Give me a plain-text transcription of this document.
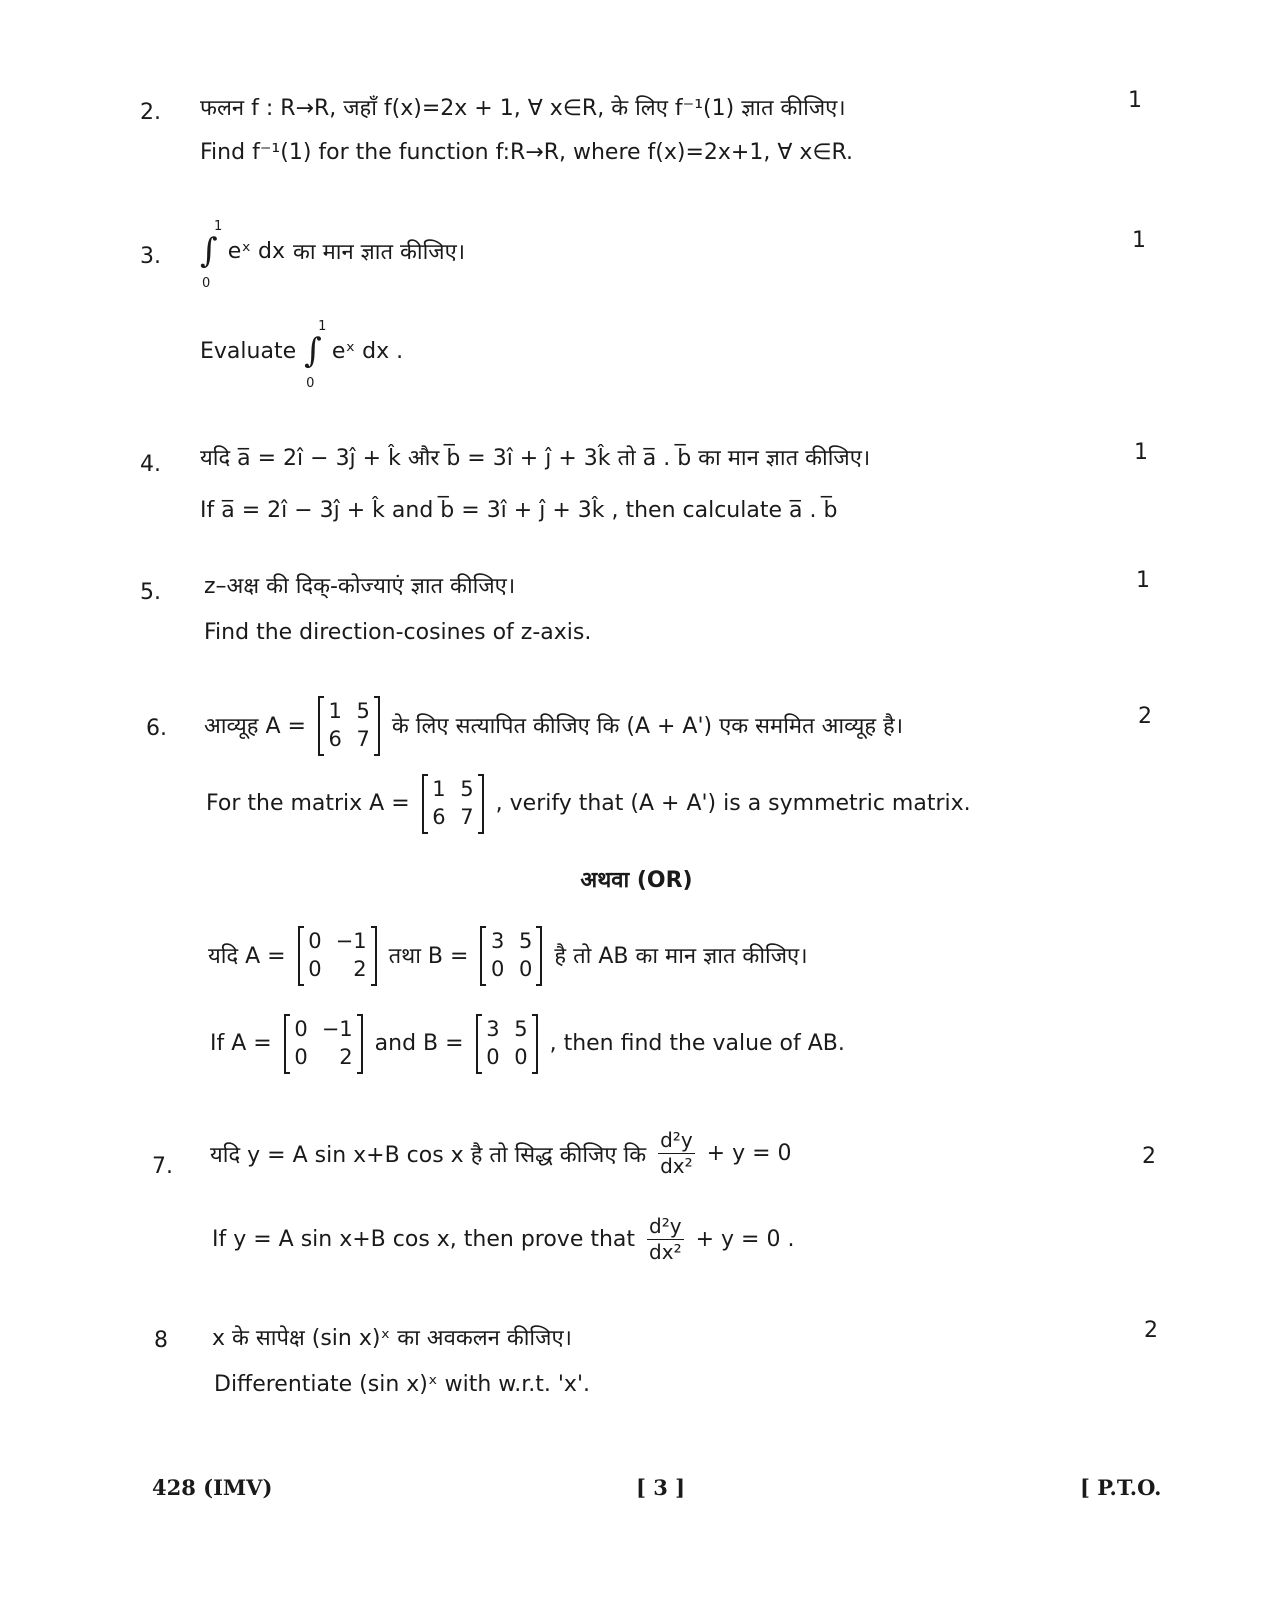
2.	1
फलन f : R→R, जहाँ f(x)=2x + 1, ∀ x∈R, के लिए f⁻¹(1) ज्ञात कीजिए।
Find f⁻¹(1) for the function f:R→R, where f(x)=2x+1, ∀ x∈R.
3.
1
∫
1
0
eˣ dx का मान ज्ञात कीजिए।
Evaluate ∫
1
0
eˣ dx .
4.	1
यदि a̅ = 2î − 3ĵ + k̂ और b̅ = 3î + ĵ + 3k̂ तो a̅ . b̅ का मान ज्ञात कीजिए।
If a̅ = 2î − 3ĵ + k̂ and b̅ = 3î + ĵ + 3k̂ , then calculate a̅ . b̅
5.	1
z–अक्ष की दिक्-कोज्याएं ज्ञात कीजिए।
Find the direction-cosines of z-axis.
6.	2
आव्यूह A =
1 5
6 7 के लिए सत्यापित कीजिए कि (A + A') एक सममित आव्यूह है।
For the matrix A =
1 5
6 7
, verify that (A + A') is a symmetric matrix.
अथवा (OR)
यदि A =
0 −1
0	2 तथा B =
3 5
0 0 है तो AB का मान ज्ञात कीजिए।
If A =
0 −1
0	2
and B =
3 5
0 0
, then find the value of AB.
7.	2
यदि y = A sin x+B cos x है तो सिद्ध कीजिए कि $\frac{\text{d²y}}{\text{dx²}} + y = 0$
If y = A sin x+B cos x, then prove that $\frac{\text{d²y}}{\text{dx²}} + y = 0$ .
8	2
x के सापेक्ष (sin x)ˣ का अवकलन कीजिए।
Differentiate (sin x)ˣ with w.r.t. 'x'.
428 (IMV)	[ 3 ]	[ P.T.O.
